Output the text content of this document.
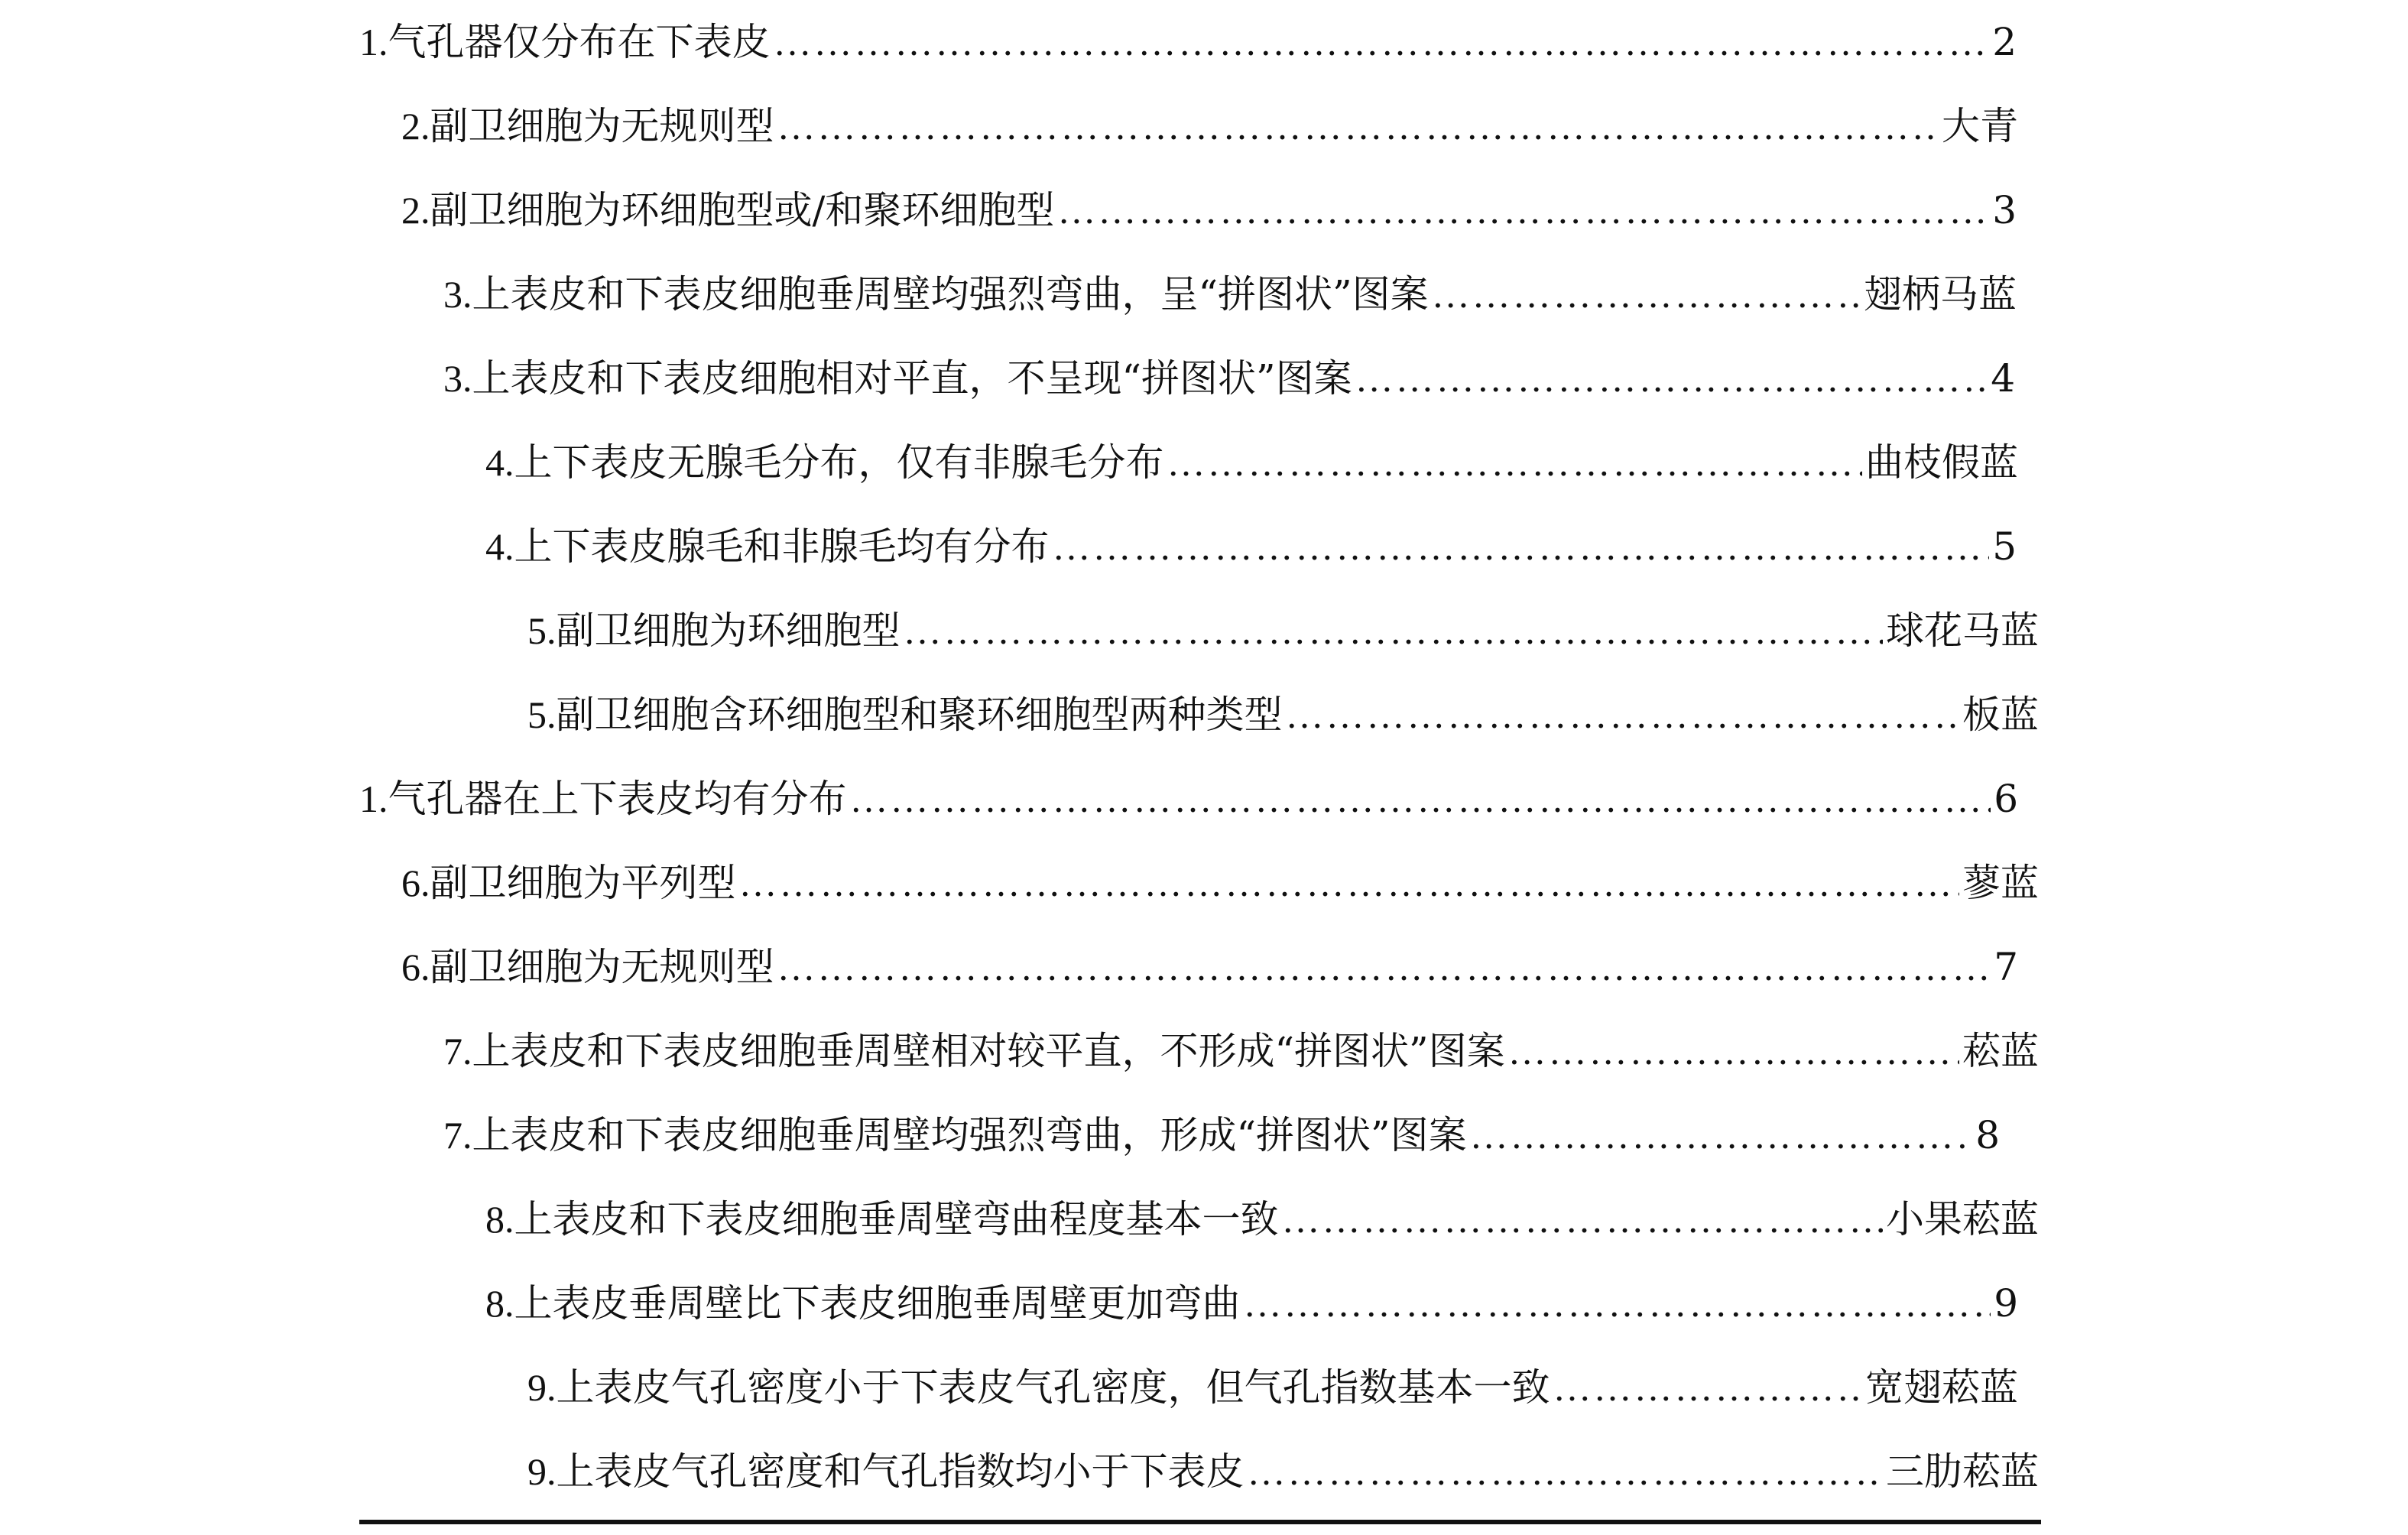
1. 气孔器仅分布在下表皮 …………………………………………………………………………………………………………………………………………………………………………………………………………………………………………	2
2. 副卫细胞为无规则型 …………………………………………………………………………………………………………………………………………………………………………………………………………………………………………	大青
2. 副卫细胞为环细胞型或/和聚环细胞型 …………………………………………………………………………………………………………………………………………………………………………………………………………………………………………	3
3. 上表皮和下表皮细胞垂周壁均强烈弯曲，呈“拼图状”图案 …………………………………………………………………………………………………………………………………………………………………………………………………………………………………………	翅柄马蓝
3. 上表皮和下表皮细胞相对平直，不呈现“拼图状”图案 …………………………………………………………………………………………………………………………………………………………………………………………………………………………………………	4
4. 上下表皮无腺毛分布，仅有非腺毛分布 …………………………………………………………………………………………………………………………………………………………………………………………………………………………………………	曲枝假蓝
4. 上下表皮腺毛和非腺毛均有分布 …………………………………………………………………………………………………………………………………………………………………………………………………………………………………………	5
5. 副卫细胞为环细胞型 …………………………………………………………………………………………………………………………………………………………………………………………………………………………………………	球花马蓝
5. 副卫细胞含环细胞型和聚环细胞型两种类型 …………………………………………………………………………………………………………………………………………………………………………………………………………………………………………	板蓝
1. 气孔器在上下表皮均有分布 …………………………………………………………………………………………………………………………………………………………………………………………………………………………………………	6
6. 副卫细胞为平列型 …………………………………………………………………………………………………………………………………………………………………………………………………………………………………………	蓼蓝
6. 副卫细胞为无规则型 …………………………………………………………………………………………………………………………………………………………………………………………………………………………………………	7
7. 上表皮和下表皮细胞垂周壁相对较平直，不形成“拼图状”图案 …………………………………………………………………………………………………………………………………………………………………………………………………………………………………………	菘蓝
7. 上表皮和下表皮细胞垂周壁均强烈弯曲，形成“拼图状”图案 …………………………………………………………………………………………………………………………………………………………………………………………………………………………………………	8
8. 上表皮和下表皮细胞垂周壁弯曲程度基本一致 …………………………………………………………………………………………………………………………………………………………………………………………………………………………………………	小果菘蓝
8. 上表皮垂周壁比下表皮细胞垂周壁更加弯曲 …………………………………………………………………………………………………………………………………………………………………………………………………………………………………………	9
9. 上表皮气孔密度小于下表皮气孔密度，但气孔指数基本一致 …………………………………………………………………………………………………………………………………………………………………………………………………………………………………………	宽翅菘蓝
9. 上表皮气孔密度和气孔指数均小于下表皮 …………………………………………………………………………………………………………………………………………………………………………………………………………………………………………	三肋菘蓝
